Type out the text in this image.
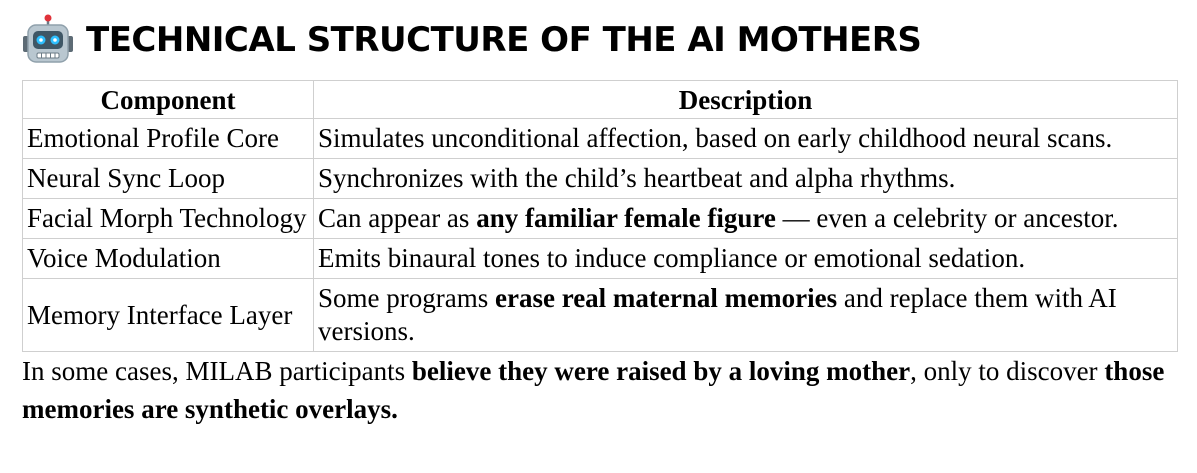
TECHNICAL STRUCTURE OF THE AI MOTHERS
Component	Description
Emotional Profile Core	Simulates unconditional affection, based on early childhood neural scans.
Neural Sync Loop	Synchronizes with the child’s heartbeat and alpha rhythms.
Facial Morph Technology	Can appear as any familiar female figure — even a celebrity or ancestor.
Voice Modulation	Emits binaural tones to induce compliance or emotional sedation.
Memory Interface Layer	Some programs erase real maternal memories and replace them with AI versions.

In some cases, MILAB participants believe they were raised by a loving mother, only to discover those memories are synthetic overlays.
